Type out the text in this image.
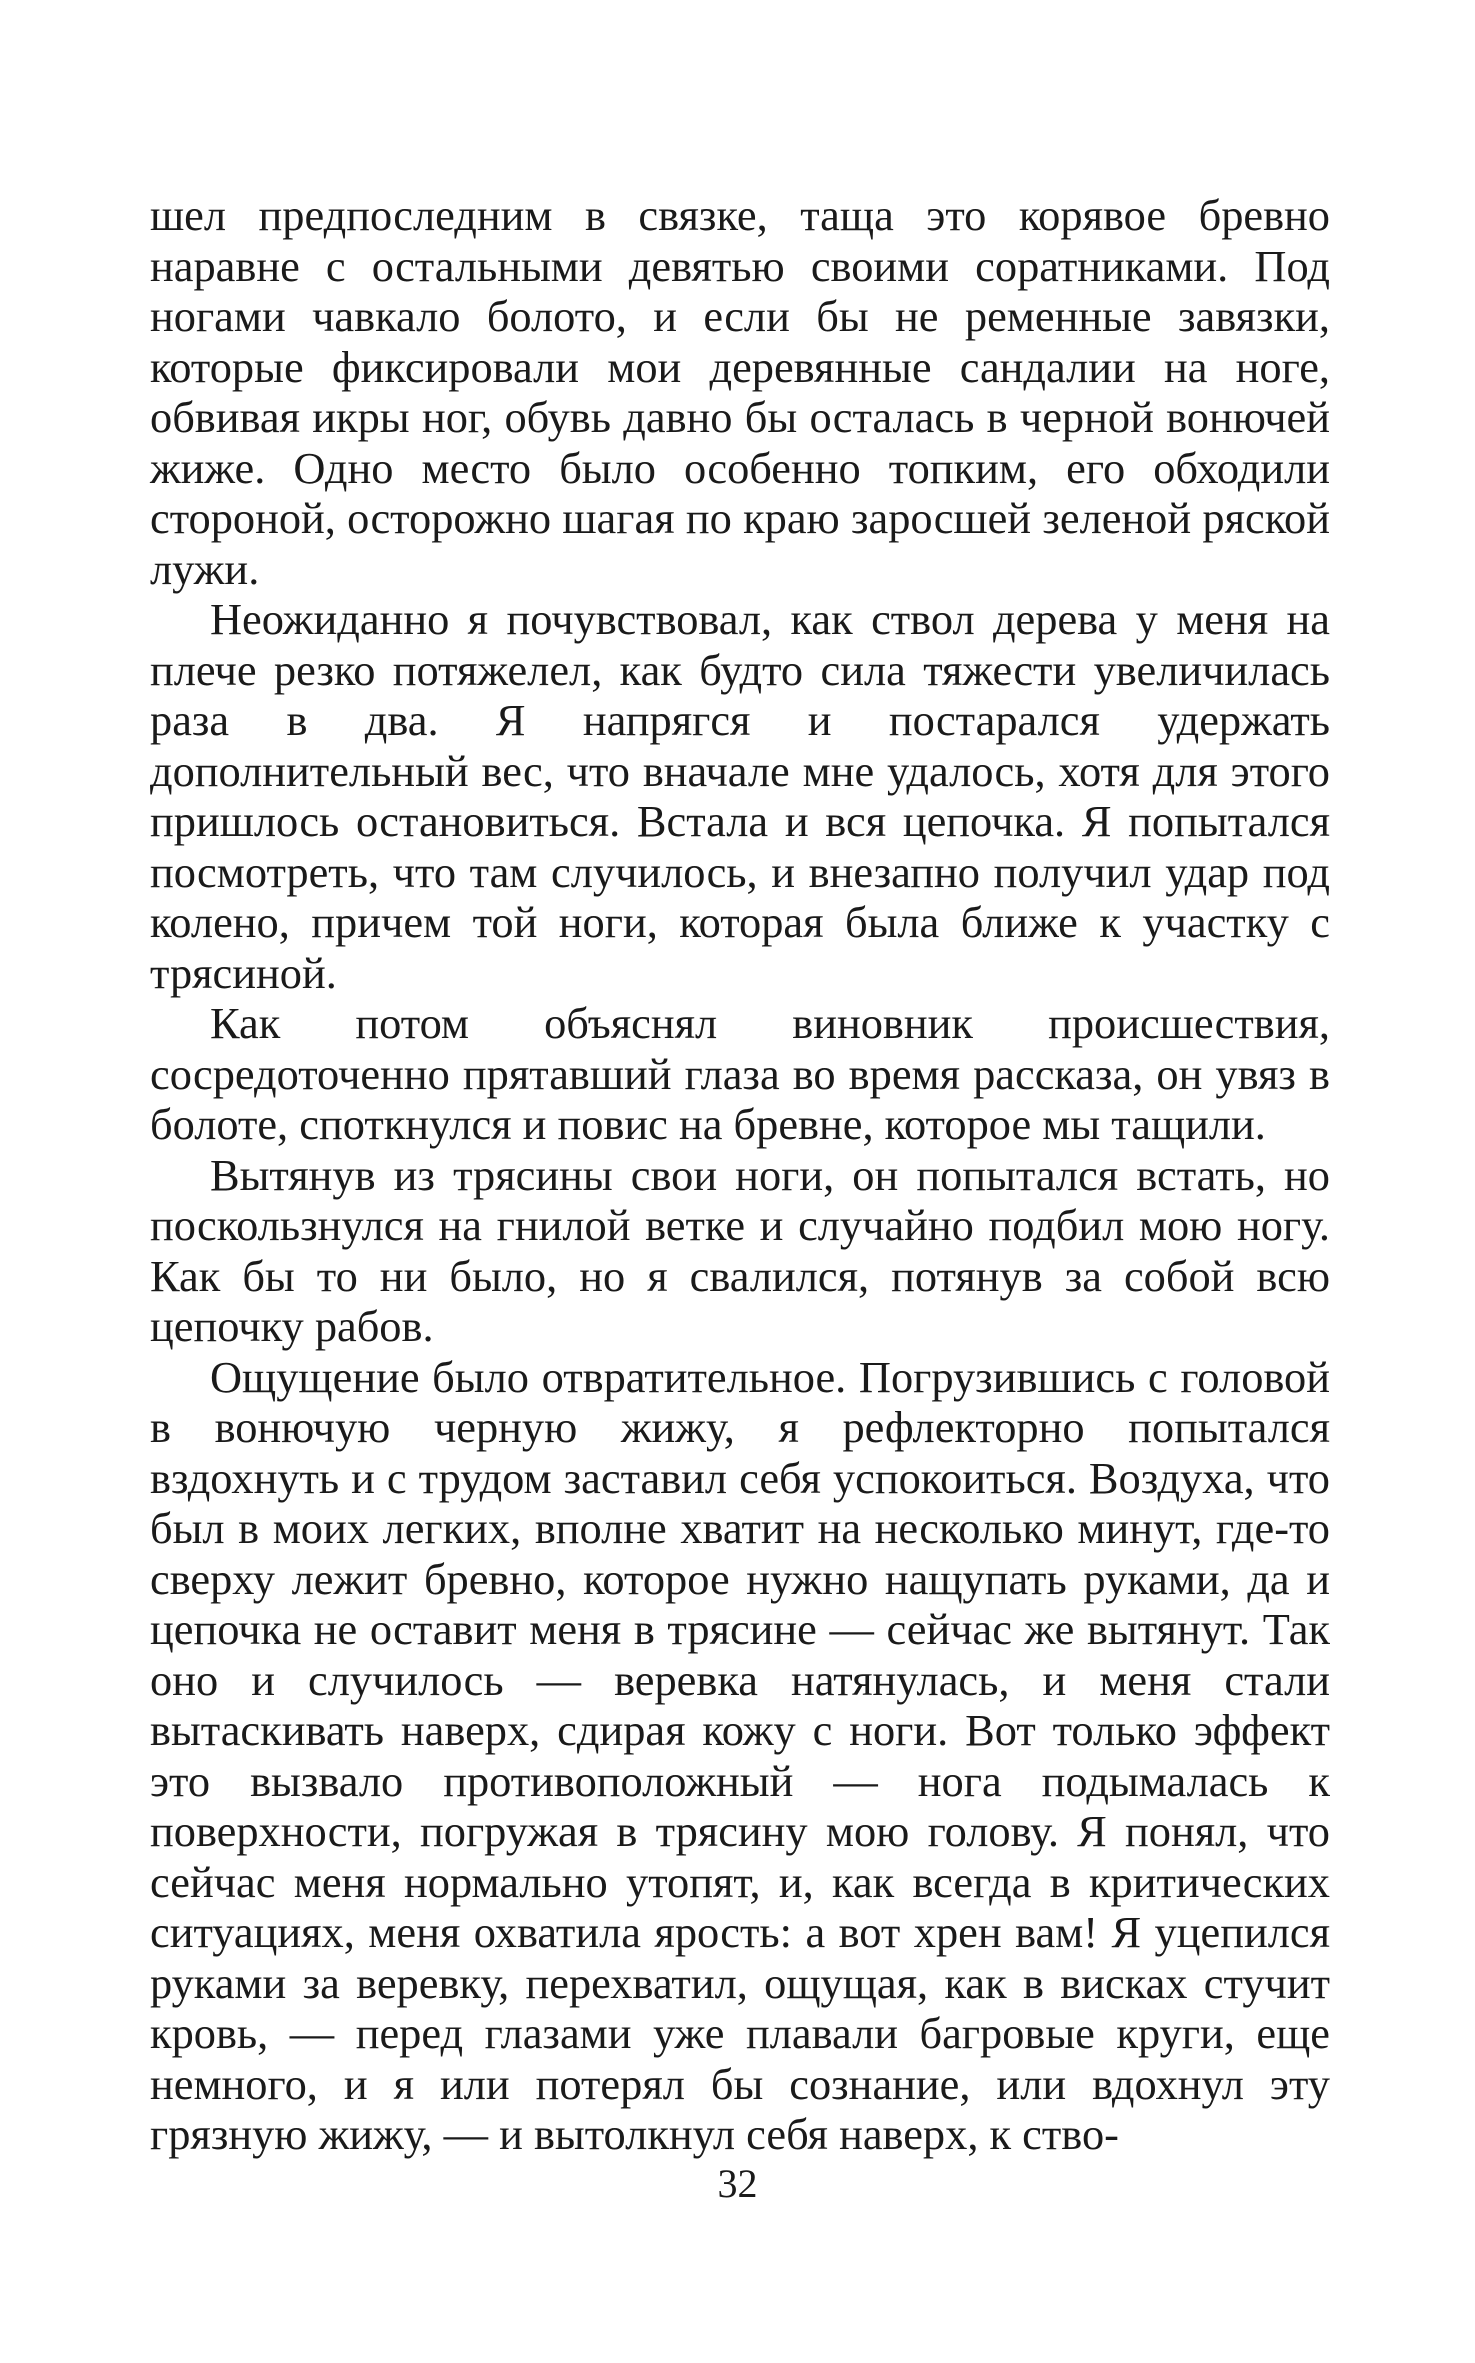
шел предпоследним в связке, таща это корявое бревно наравне с остальными девятью своими соратниками. Под ногами чавкало болото, и если бы не ременные завязки, которые фиксировали мои деревянные сандалии на ноге, обвивая икры ног, обувь давно бы осталась в черной вонючей жиже. Одно место было особенно топким, его обходили стороной, осторожно шагая по краю заросшей зеленой ряской лужи.

Неожиданно я почувствовал, как ствол дерева у меня на плече резко потяжелел, как будто сила тяжести увеличилась раза в два. Я напрягся и постарался удержать дополнительный вес, что вначале мне удалось, хотя для этого пришлось остановиться. Встала и вся цепочка. Я попытался посмотреть, что там случилось, и внезапно получил удар под колено, причем той ноги, которая была ближе к участку с трясиной.

Как потом объяснял виновник происшествия, сосредоточенно прятавший глаза во время рассказа, он увяз в болоте, споткнулся и повис на бревне, которое мы тащили.

Вытянув из трясины свои ноги, он попытался встать, но поскользнулся на гнилой ветке и случайно подбил мою ногу. Как бы то ни было, но я свалился, потянув за собой всю цепочку рабов.

Ощущение было отвратительное. Погрузившись с головой в вонючую черную жижу, я рефлекторно попытался вздохнуть и с трудом заставил себя успокоиться. Воздуха, что был в моих легких, вполне хватит на несколько минут, где-то сверху лежит бревно, которое нужно нащупать руками, да и цепочка не оставит меня в трясине — сейчас же вытянут. Так оно и случилось — веревка натянулась, и меня стали вытаскивать наверх, сдирая кожу с ноги. Вот только эффект это вызвало противоположный — нога подымалась к поверхности, погружая в трясину мою голову. Я понял, что сейчас меня нормально утопят, и, как всегда в критических ситуациях, меня охватила ярость: а вот хрен вам! Я уцепился руками за веревку, перехватил, ощущая, как в висках стучит кровь, — перед глазами уже плавали багровые круги, еще немного, и я или потерял бы сознание, или вдохнул эту грязную жижу, — и вытолкнул себя наверх, к ство-

32
